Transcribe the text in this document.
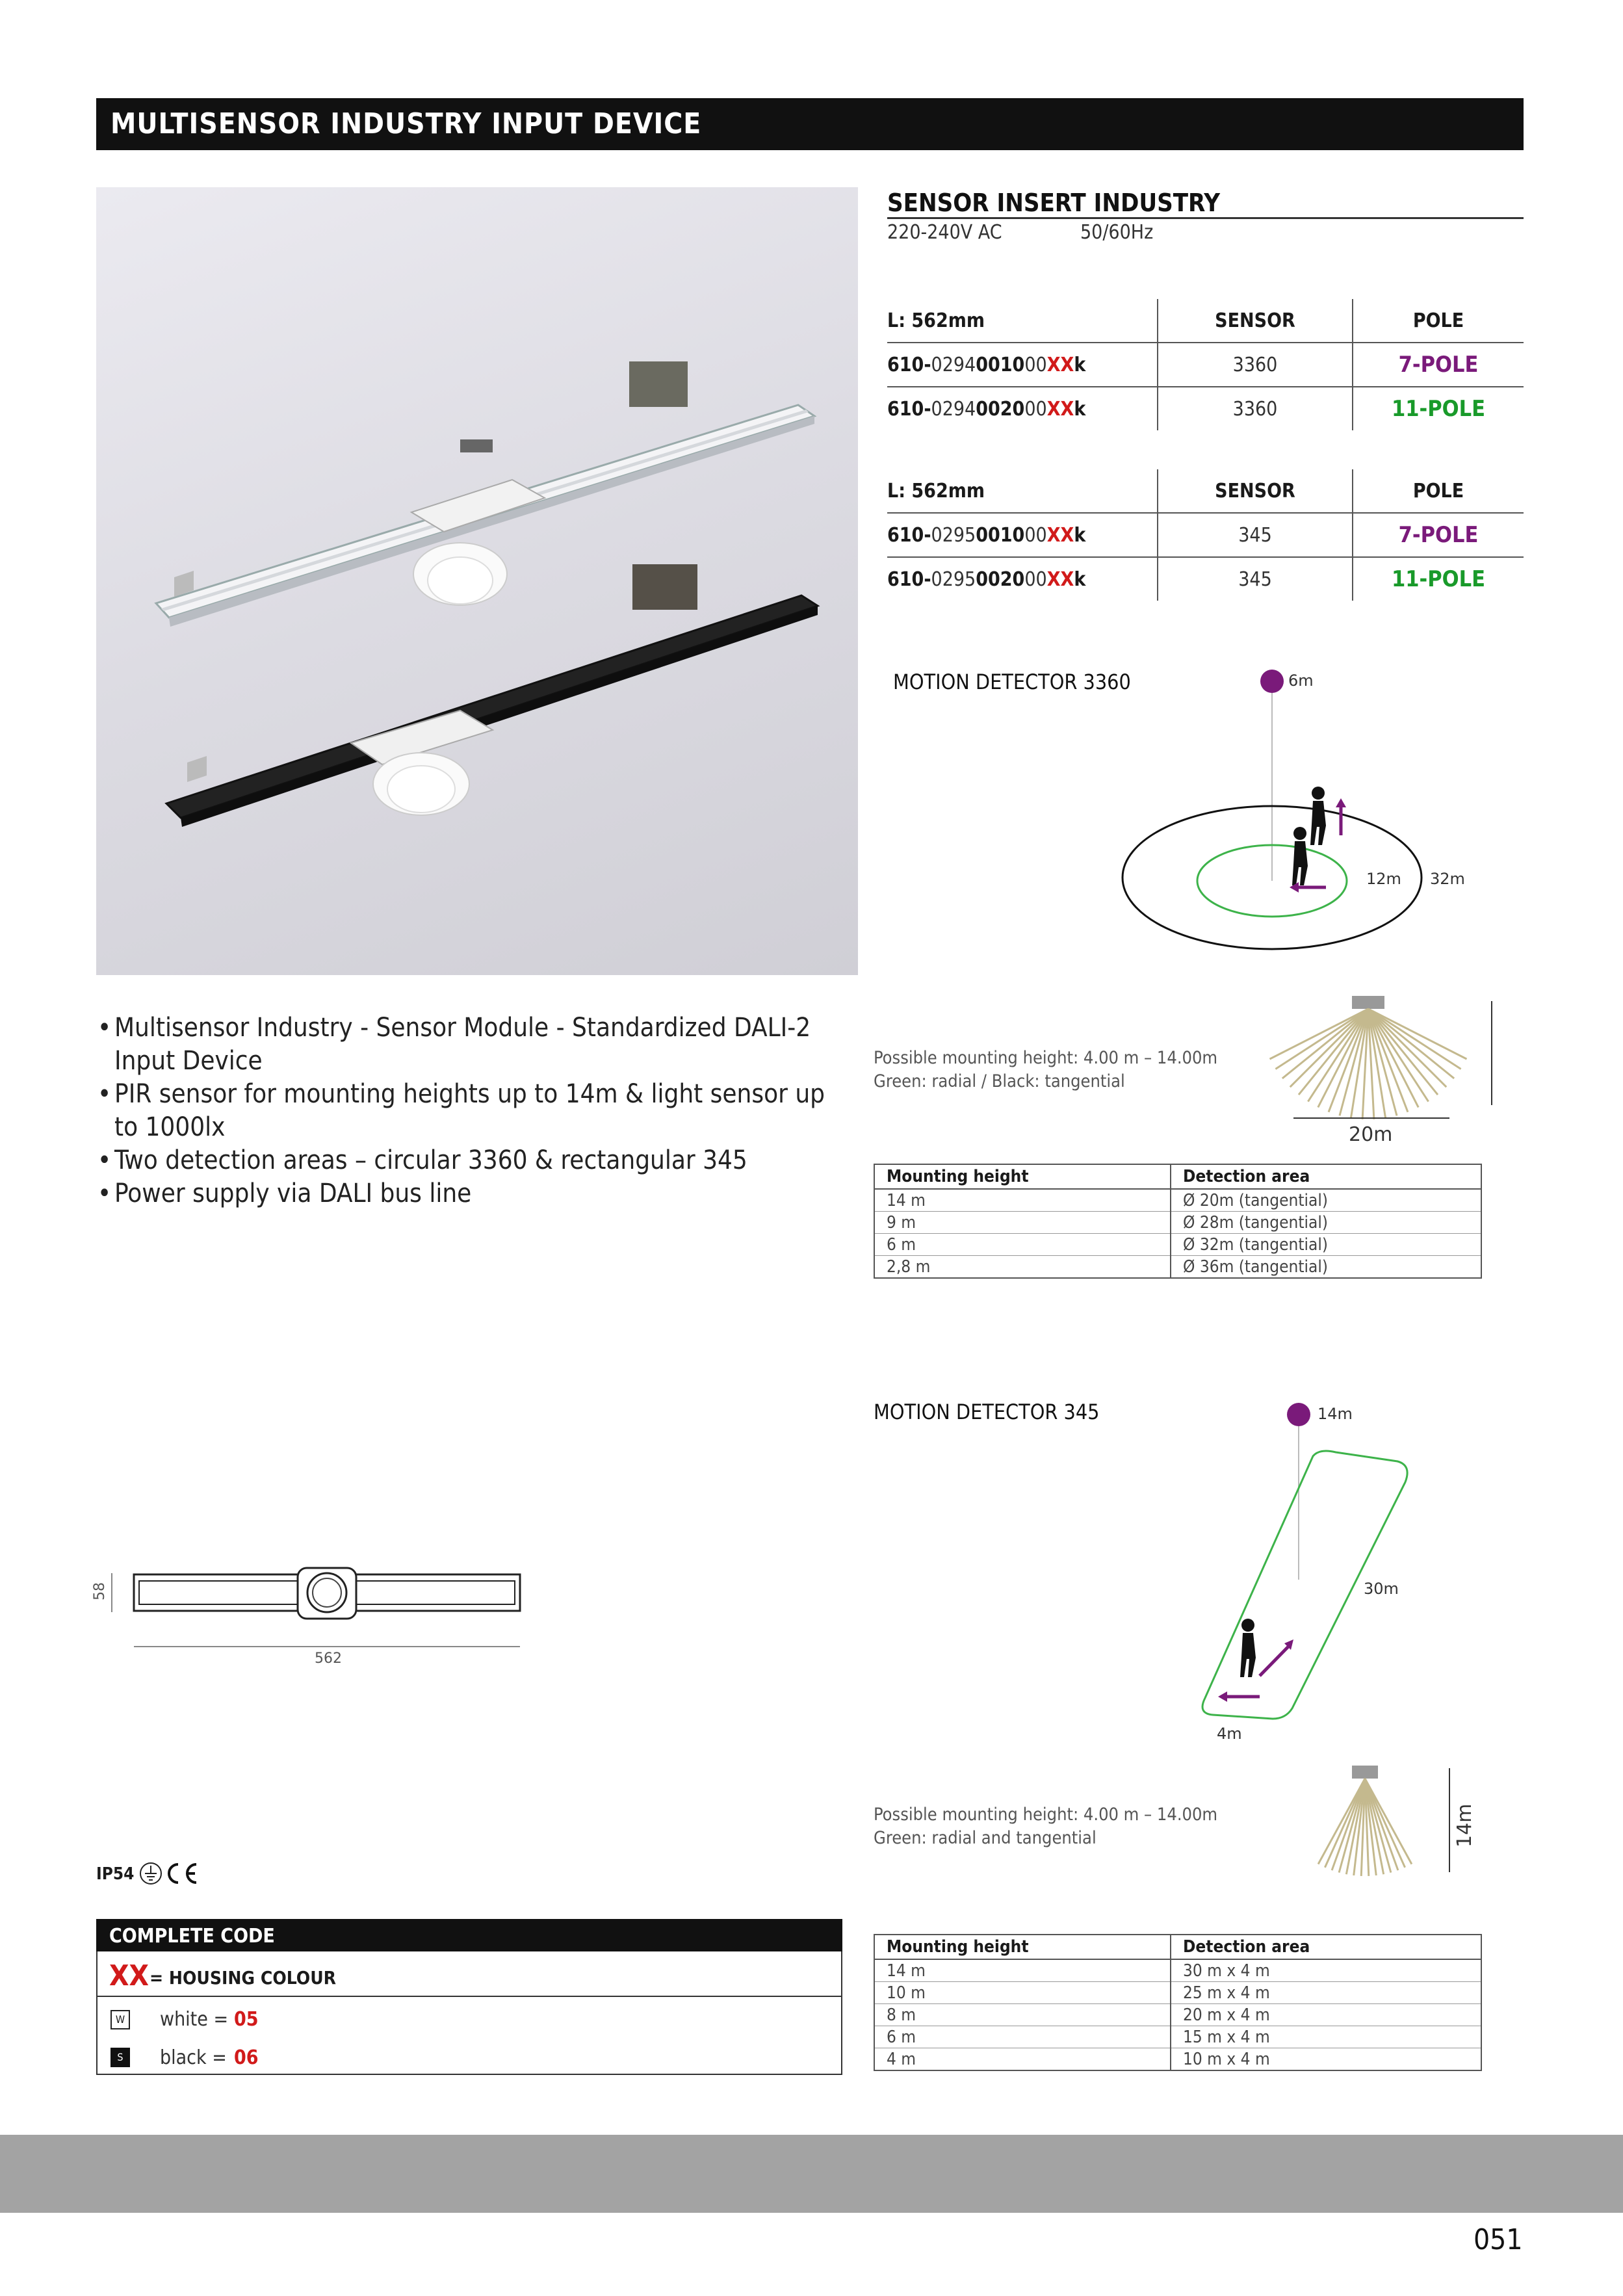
MULTISENSOR INDUSTRY INPUT DEVICE
• Multisensor Industry - Sensor Module - Standardized DALI-2 Input Device
• PIR sensor for mounting heights up to 14m & light sensor up to 1000lx
• Two detection areas – circular 3360 & rectangular 345
• Power supply via DALI bus line
SENSOR INSERT INDUSTRY
220-240V AC	50/60Hz
L: 562mm	SENSOR	POLE
610-0294001000XXk	3360	7-POLE
610-0294002000XXk	3360	11-POLE
L: 562mm	SENSOR	POLE
610-0295001000XXk	345	7-POLE
610-0295002000XXk	345	11-POLE
MOTION DETECTOR 3360	6m
12m 32m
Possible mounting height: 4.00 m – 14.00m
Green: radial / Black: tangential
20m
Mounting height	Detection area
14 m	Ø 20m (tangential)
9 m	Ø 28m (tangential)
6 m	Ø 32m (tangential)
2,8 m	Ø 36m (tangential)
MOTION DETECTOR 345	14m
30m
4m
Possible mounting height: 4.00 m – 14.00m
Green: radial and tangential	14m
Mounting height	Detection area
14 m	30 m x 4 m
10 m	25 m x 4 m
8 m	20 m x 4 m
6 m	15 m x 4 m
4 m	10 m x 4 m
58
562
IP54
COMPLETE CODE
XX = HOUSING COLOUR
W white = 05
S	black = 06
051
